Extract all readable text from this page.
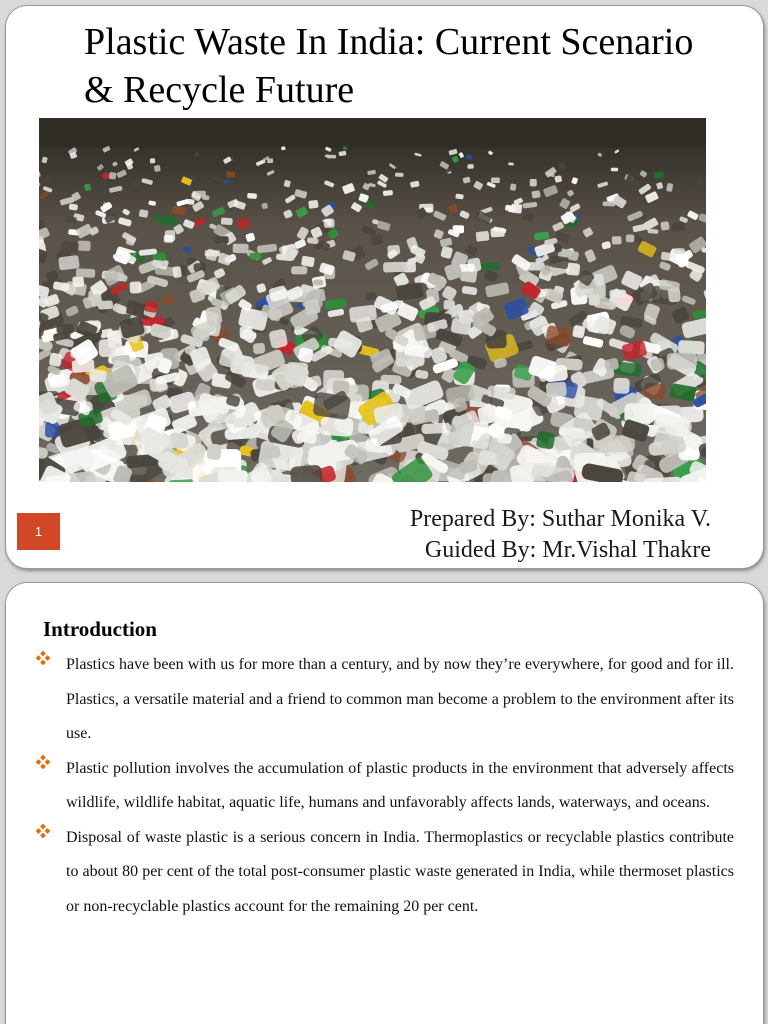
Plastic Waste In India: Current Scenario & Recycle Future
1	Prepared By: Suthar Monika V.
Guided By: Mr.Vishal Thakre
Introduction
Plastics have been with us for more than a century, and by now they’re everywhere, for good and for ill. Plastics, a versatile material and a friend to common man become a problem to the environment after its use.
Plastic pollution involves the accumulation of plastic products in the environment that adversely affects wildlife, wildlife habitat, aquatic life, humans and unfavorably affects lands, waterways, and oceans.
Disposal of waste plastic is a serious concern in India. Thermoplastics or recyclable plastics contribute to about 80 per cent of the total post-consumer plastic waste generated in India, while thermoset plastics or non-recyclable plastics account for the remaining 20 per cent.
